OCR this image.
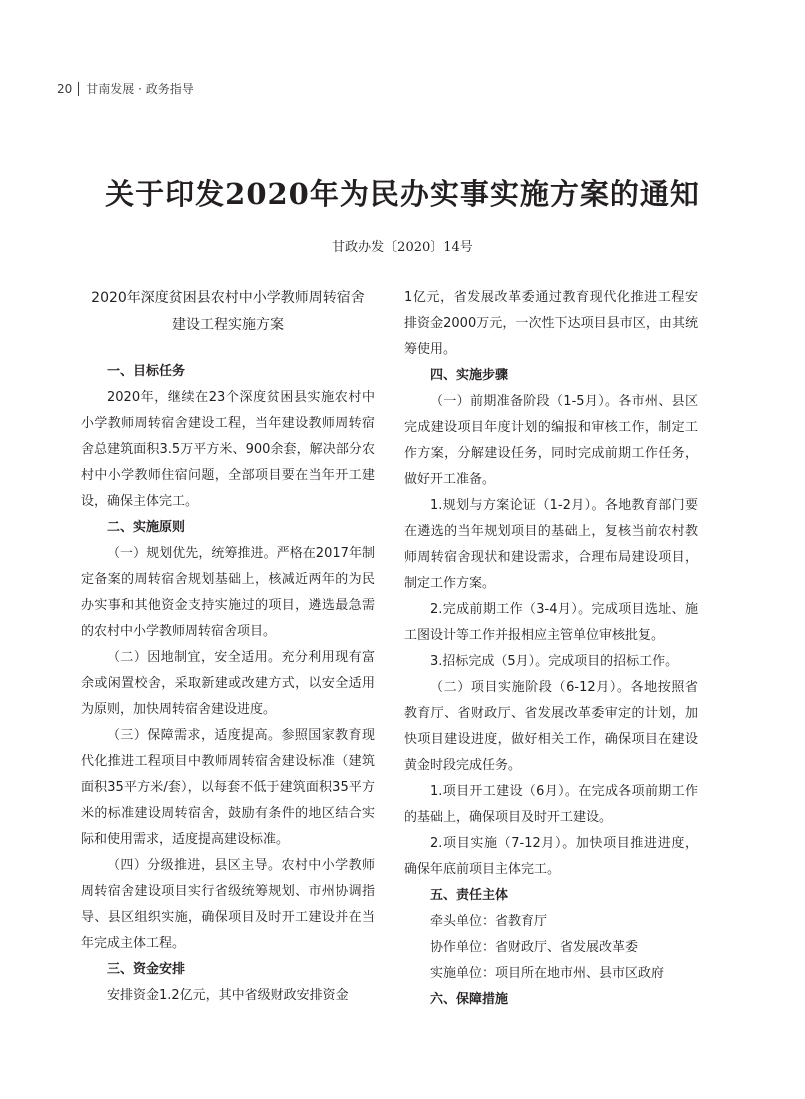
20 甘南发展 · 政务指导
关于印发2020年为民办实事实施方案的通知
甘政办发〔2020〕14号
2020年深度贫困县农村中小学教师周转宿舍
建设工程实施方案

一、目标任务

2020年，继续在23个深度贫困县实施农村中小学教师周转宿舍建设工程，当年建设教师周转宿舍总建筑面积3.5万平方米、900余套，解决部分农村中小学教师住宿问题，全部项目要在当年开工建设，确保主体完工。

二、实施原则

（一）规划优先，统筹推进。严格在2017年制定备案的周转宿舍规划基础上，核减近两年的为民办实事和其他资金支持实施过的项目，遴选最急需的农村中小学教师周转宿舍项目。

（二）因地制宜，安全适用。充分利用现有富余或闲置校舍，采取新建或改建方式，以安全适用为原则，加快周转宿舍建设进度。

（三）保障需求，适度提高。参照国家教育现代化推进工程项目中教师周转宿舍建设标准（建筑面积35平方米/套），以每套不低于建筑面积35平方米的标准建设周转宿舍，鼓励有条件的地区结合实际和使用需求，适度提高建设标准。

（四）分级推进，县区主导。农村中小学教师周转宿舍建设项目实行省级统筹规划、市州协调指导、县区组织实施，确保项目及时开工建设并在当年完成主体工程。

三、资金安排

安排资金1.2亿元，其中省级财政安排资金

1亿元，省发展改革委通过教育现代化推进工程安排资金2000万元，一次性下达项目县市区，由其统筹使用。

四、实施步骤

（一）前期准备阶段（1-5月）。各市州、县区完成建设项目年度计划的编报和审核工作，制定工作方案，分解建设任务，同时完成前期工作任务，做好开工准备。

1.规划与方案论证（1-2月）。各地教育部门要在遴选的当年规划项目的基础上，复核当前农村教师周转宿舍现状和建设需求，合理布局建设项目，制定工作方案。

2.完成前期工作（3-4月）。完成项目选址、施工图设计等工作并报相应主管单位审核批复。

3.招标完成（5月）。完成项目的招标工作。

（二）项目实施阶段（6-12月）。各地按照省教育厅、省财政厅、省发展改革委审定的计划，加快项目建设进度，做好相关工作，确保项目在建设黄金时段完成任务。

1.项目开工建设（6月）。在完成各项前期工作的基础上，确保项目及时开工建设。

2.项目实施（7-12月）。加快项目推进进度，确保年底前项目主体完工。

五、责任主体

牵头单位：省教育厅

协作单位：省财政厅、省发展改革委

实施单位：项目所在地市州、县市区政府

六、保障措施
